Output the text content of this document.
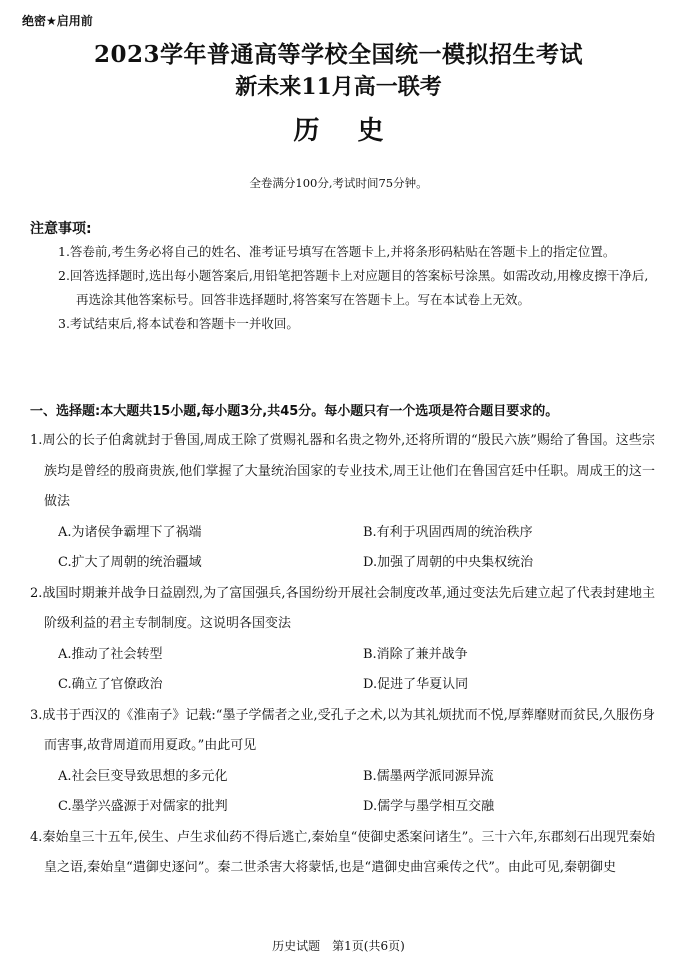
绝密★启用前
2023学年普通高等学校全国统一模拟招生考试
新未来11月高一联考
历史
全卷满分100分,考试时间75分钟。
注意事项:

1.答卷前,考生务必将自己的姓名、准考证号填写在答题卡上,并将条形码粘贴在答题卡上的指定位置。

2.回答选择题时,选出每小题答案后,用铅笔把答题卡上对应题目的答案标号涂黑。如需改动,用橡皮擦干净后,再选涂其他答案标号。回答非选择题时,将答案写在答题卡上。写在本试卷上无效。

3.考试结束后,将本试卷和答题卡一并收回。

一、选择题:本大题共15小题,每小题3分,共45分。每小题只有一个选项是符合题目要求的。

1.周公的长子伯禽就封于鲁国,周成王除了赏赐礼器和名贵之物外,还将所谓的“殷民六族”赐给了鲁国。这些宗族均是曾经的殷商贵族,他们掌握了大量统治国家的专业技术,周王让他们在鲁国宫廷中任职。周成王的这一做法

A.为诸侯争霸埋下了祸端	B.有利于巩固西周的统治秩序
C.扩大了周朝的统治疆域	D.加强了周朝的中央集权统治

2.战国时期兼并战争日益剧烈,为了富国强兵,各国纷纷开展社会制度改革,通过变法先后建立起了代表封建地主阶级利益的君主专制制度。这说明各国变法

A.推动了社会转型	B.消除了兼并战争
C.确立了官僚政治	D.促进了华夏认同

3.成书于西汉的《淮南子》记载:“墨子学儒者之业,受孔子之术,以为其礼烦扰而不悦,厚葬靡财而贫民,久服伤身而害事,故背周道而用夏政。”由此可见

A.社会巨变导致思想的多元化	B.儒墨两学派同源异流
C.墨学兴盛源于对儒家的批判	D.儒学与墨学相互交融

4.秦始皇三十五年,侯生、卢生求仙药不得后逃亡,秦始皇“使御史悉案问诸生”。三十六年,东郡刻石出现咒秦始皇之语,秦始皇“遣御史逐问”。秦二世杀害大将蒙恬,也是“遣御史曲宫乘传之代”。由此可见,秦朝御史

历史试题　第1页(共6页)
